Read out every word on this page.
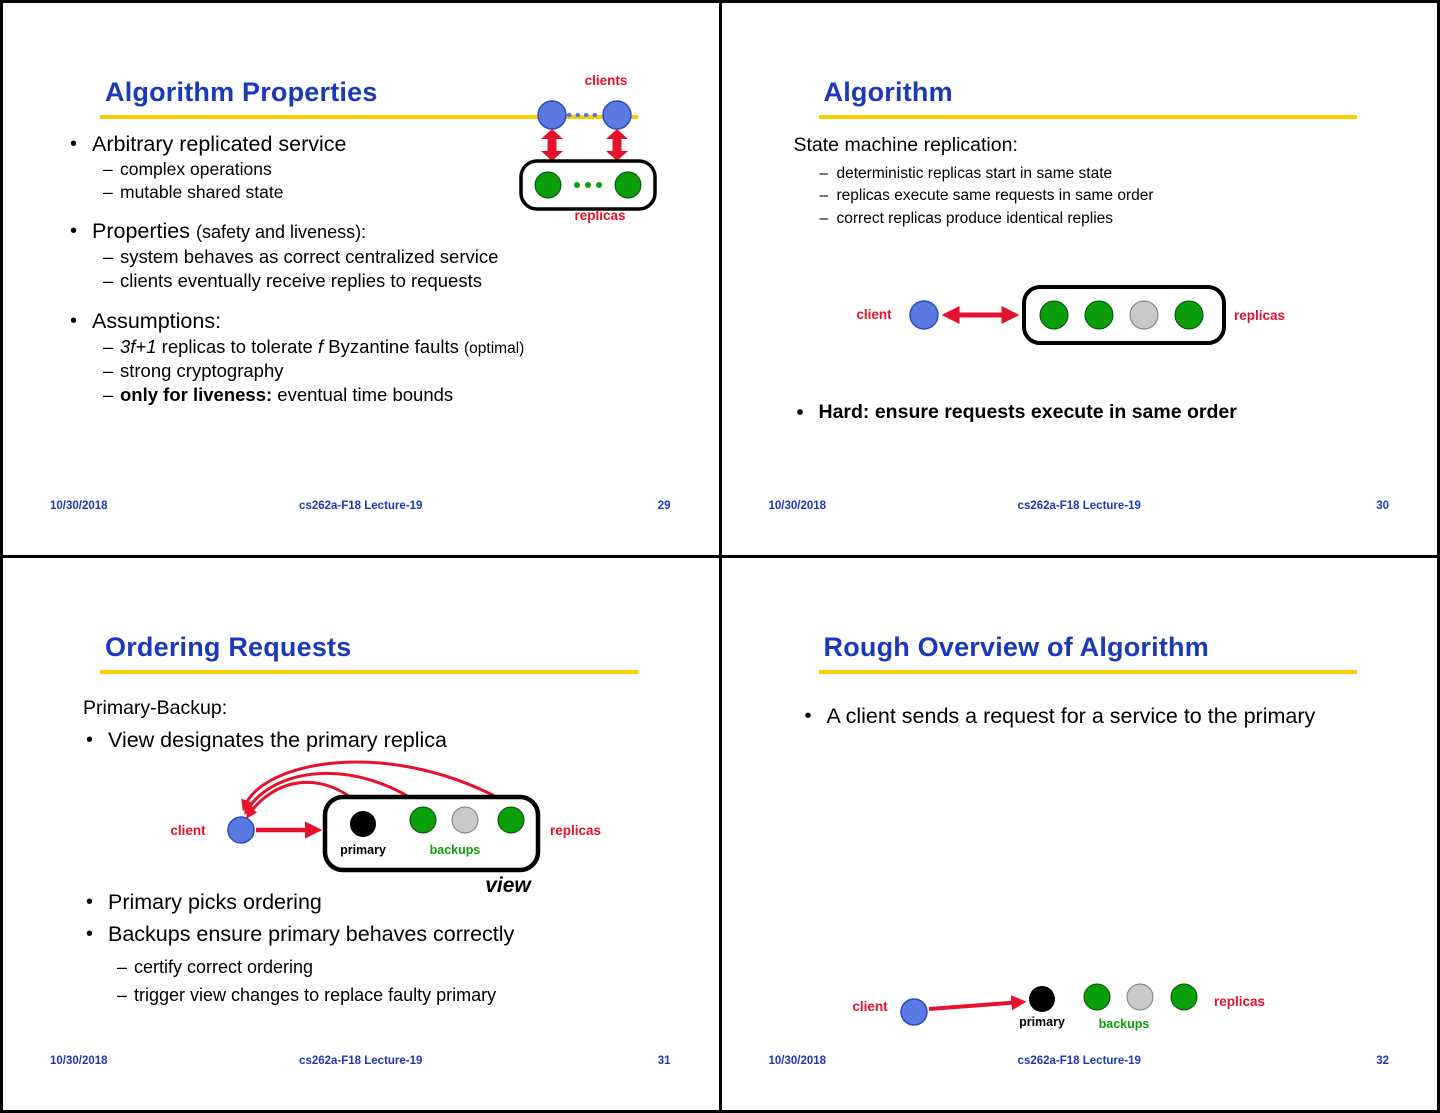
Algorithm Properties	clients
replicas
• Arbitrary replicated service
– complex operations
– mutable shared state
• Properties (safety and liveness):
– system behaves as correct centralized service
– clients eventually receive replies to requests
• Assumptions:
– 3f+1 replicas to tolerate f Byzantine faults (optimal)
– strong cryptography
– only for liveness: eventual time bounds
10/30/2018	cs262a-F18 Lecture-19	29
Algorithm
State machine replication:
– deterministic replicas start in same state
– replicas execute same requests in same order
– correct replicas produce identical replies
client	replicas
• Hard: ensure requests execute in same order
10/30/2018	cs262a-F18 Lecture-19	30
Ordering Requests
Primary-Backup:
• View designates the primary replica
client
primary	backups
replicas
view
• Primary picks ordering
• Backups ensure primary behaves correctly
– certify correct ordering
– trigger view changes to replace faulty primary
10/30/2018	cs262a-F18 Lecture-19	31
Rough Overview of Algorithm
• A client sends a request for a service to the primary
client
primary	backups
replicas
10/30/2018	cs262a-F18 Lecture-19	32
